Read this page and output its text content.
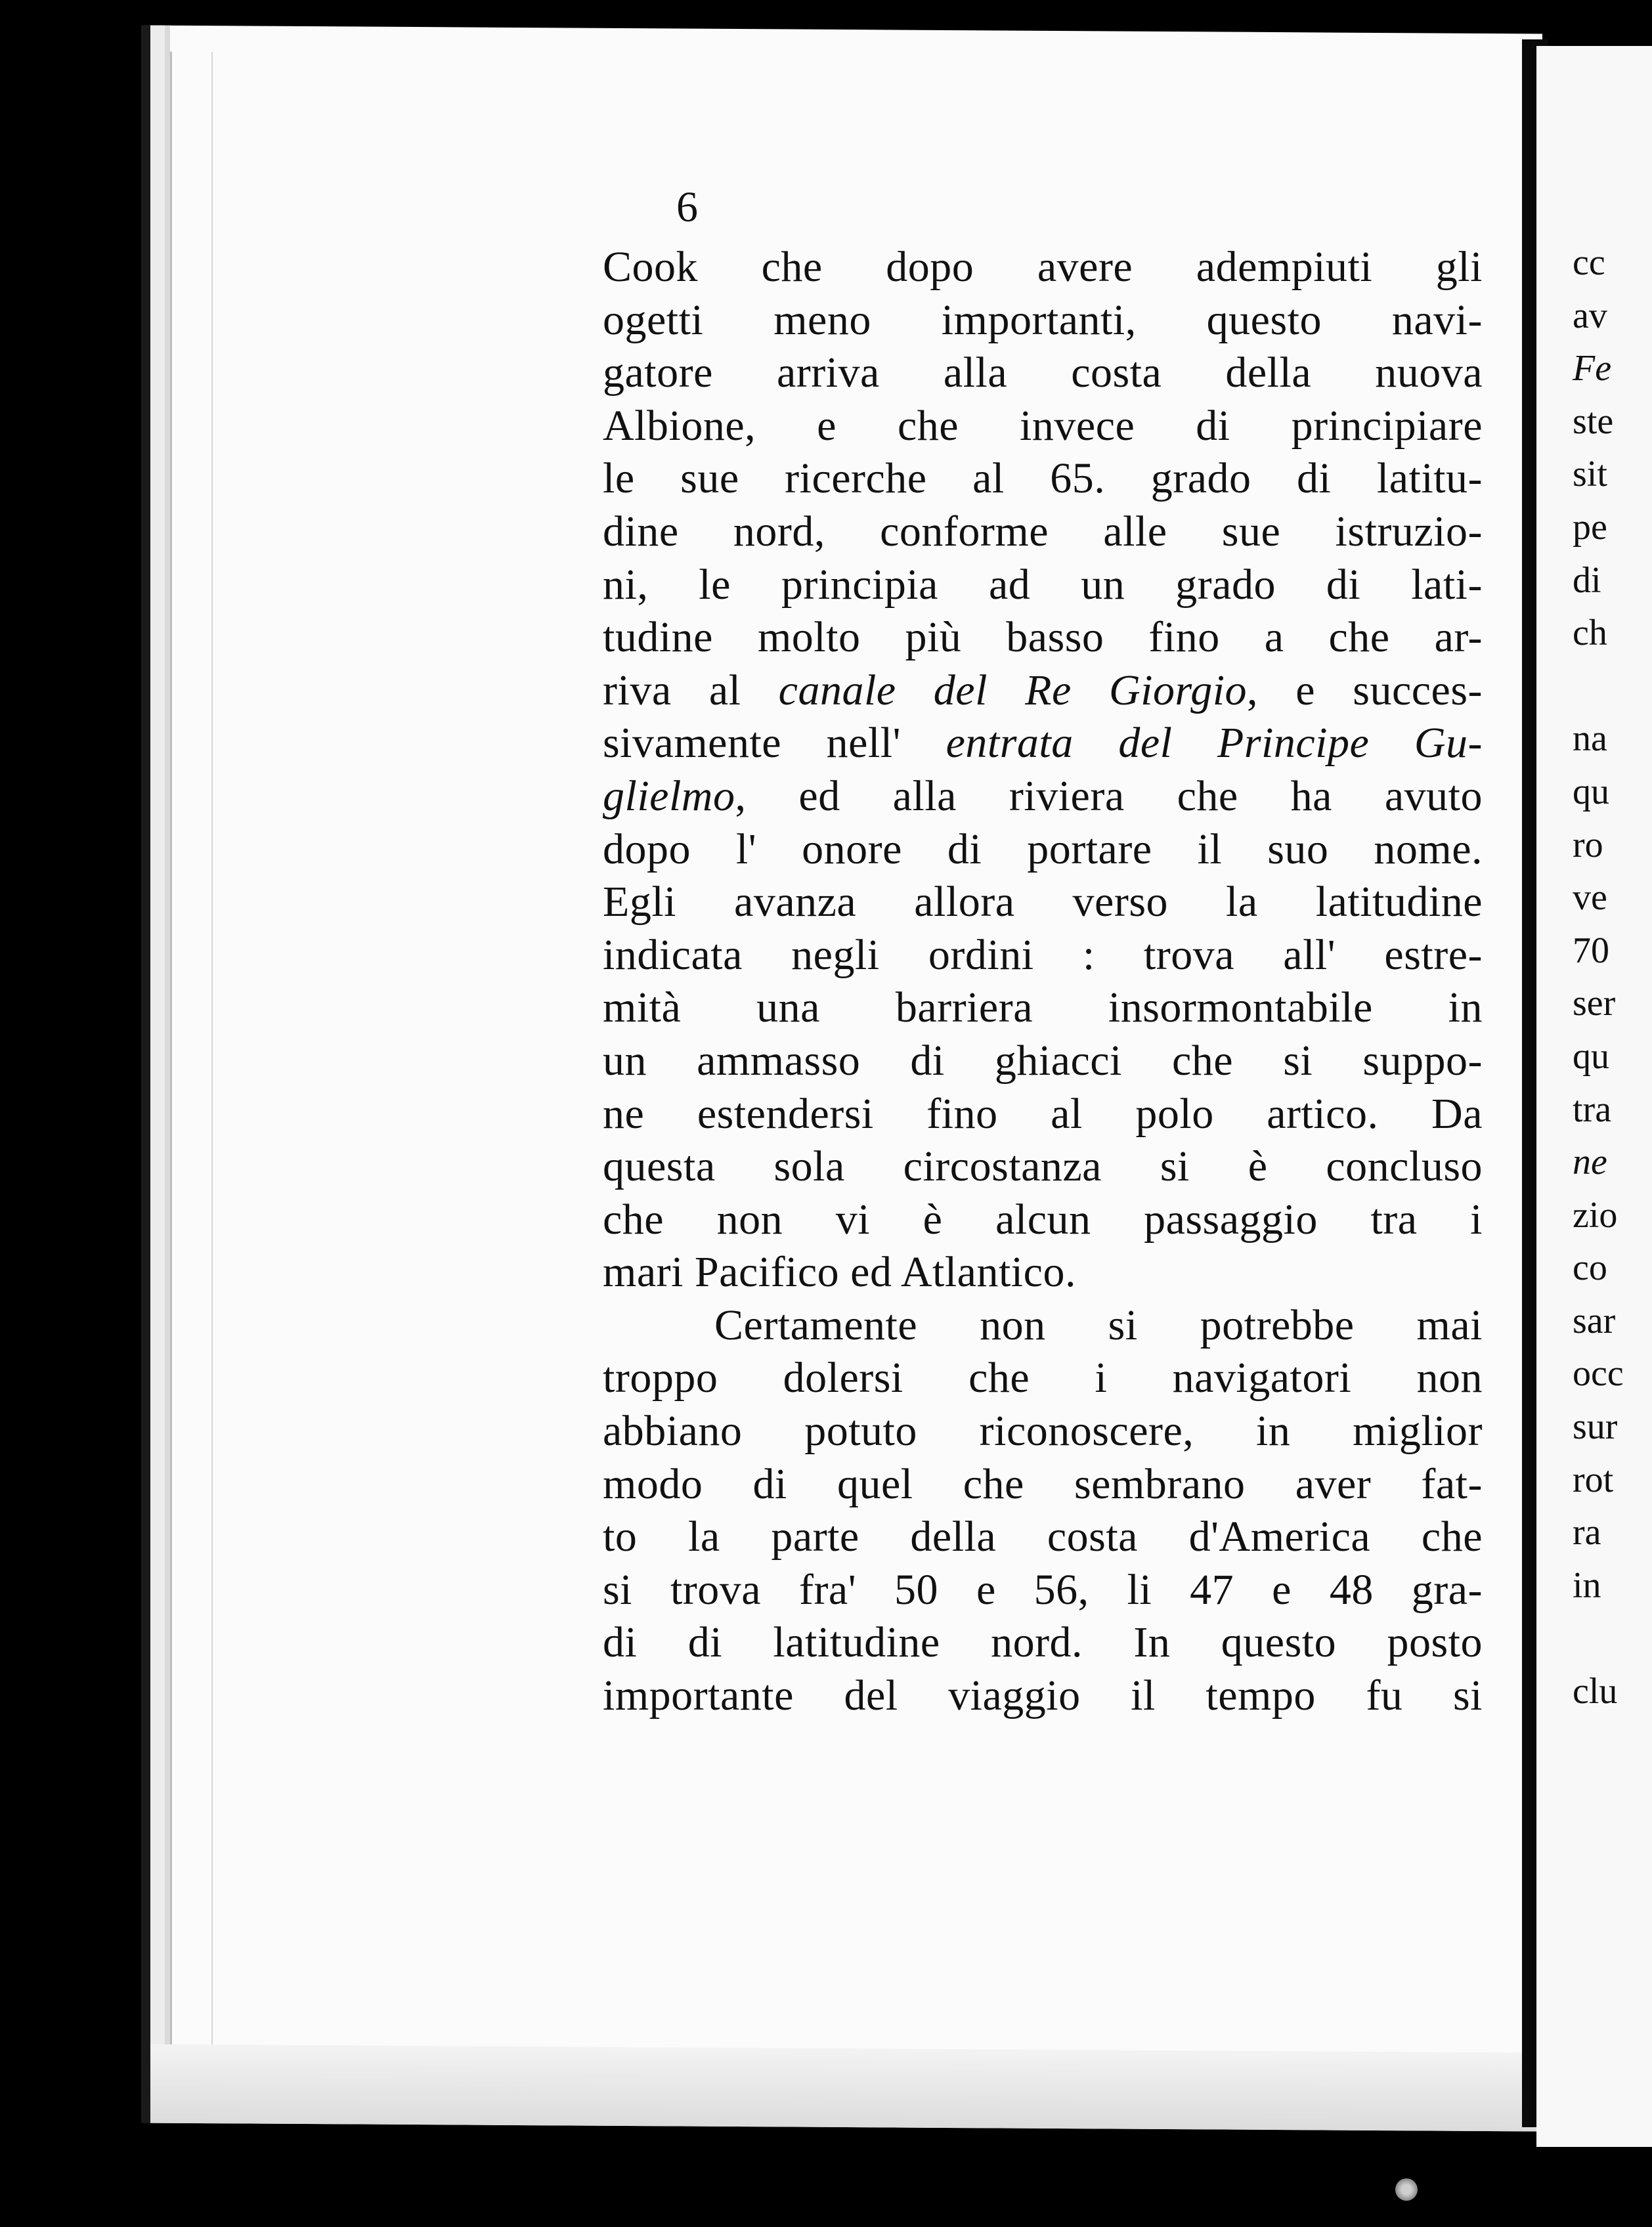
6
Cook che dopo avere adempiuti gli
ogetti meno importanti, questo navi-
gatore arriva alla costa della nuova
Albione, e che invece di principiare
le sue ricerche al 65. grado di latitu-
dine nord, conforme alle sue istruzio-
ni, le principia ad un grado di lati-
tudine molto più basso fino a che ar-
riva al canale del Re Giorgio, e succes-
sivamente nell' entrata del Principe Gu-
glielmo, ed alla riviera che ha avuto
dopo l' onore di portare il suo nome.
Egli avanza allora verso la latitudine
indicata negli ordini : trova all' estre-
mità una barriera insormontabile in
un ammasso di ghiacci che si suppo-
ne estendersi fino al polo artico. Da
questa sola circostanza si è concluso
che non vi è alcun passaggio tra i
mari Pacifico ed Atlantico.
Certamente non si potrebbe mai
troppo dolersi che i navigatori non
abbiano potuto riconoscere, in miglior
modo di quel che sembrano aver fat-
to la parte della costa d'America che
si trova fra' 50 e 56, li 47 e 48 gra-
di di latitudine nord. In questo posto
importante del viaggio il tempo fu si
cc
av
Fe
ste
sit
pe
di
ch
na
qu
ro
ve
70
ser
qu
tra
ne
zio
co
sar
occ
sur
rot
ra
in
clu
